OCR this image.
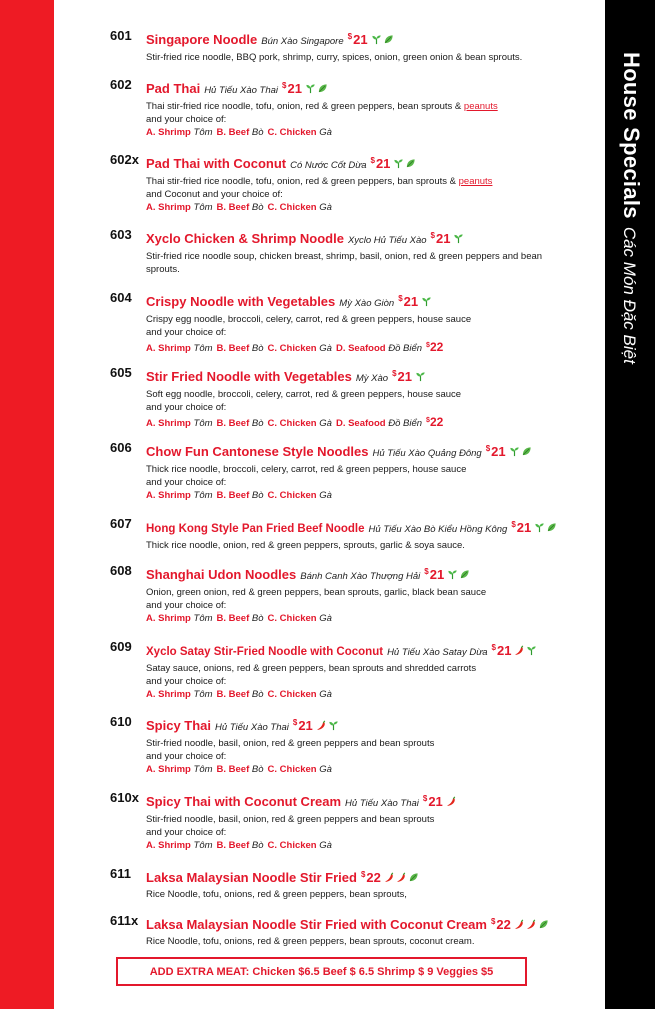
House SpecialsCác Món Đặc Biệt
601 Singapore Noodle Bún Xào Singapore $21
Stir-fried rice noodle, BBQ pork, shrimp, curry, spices, onion, green onion & bean sprouts.
602 Pad Thai Hủ Tiếu Xào Thai $21
Thai stir-fried rice noodle, tofu, onion, red & green peppers, bean sprouts & peanuts
and your choice of:
A. Shrimp Tôm B. Beef Bò C. Chicken Gà
602x Pad Thai with Coconut Có Nước Cốt Dừa $21
Thai stir-fried rice noodle, tofu, onion, red & green peppers, ban sprouts & peanuts
and Coconut and your choice of:
A. Shrimp Tôm B. Beef Bò C. Chicken Gà
603 Xyclo Chicken & Shrimp Noodle Xyclo Hủ Tiếu Xào $21
Stir-fried rice noodle soup, chicken breast, shrimp, basil, onion, red & green peppers and bean sprouts.
604 Crispy Noodle with Vegetables Mỳ Xào Giòn $21
Crispy egg noodle, broccoli, celery, carrot, red & green peppers, house sauce
and your choice of:
A. Shrimp Tôm B. Beef Bò C. Chicken Gà D. Seafood Đồ Biển $22
605 Stir Fried Noodle with Vegetables Mỳ Xào $21
Soft egg noodle, broccoli, celery, carrot, red & green peppers, house sauce
and your choice of:
A. Shrimp Tôm B. Beef Bò C. Chicken Gà D. Seafood Đồ Biển $22
606 Chow Fun Cantonese Style Noodles Hủ Tiếu Xào Quảng Đông $21
Thick rice noodle, broccoli, celery, carrot, red & green peppers, house sauce
and your choice of:
A. Shrimp Tôm B. Beef Bò C. Chicken Gà
607 Hong Kong Style Pan Fried Beef Noodle Hủ Tiếu Xào Bò Kiểu Hồng Kông $21
Thick rice noodle, onion, red & green peppers, sprouts, garlic & soya sauce.
608 Shanghai Udon Noodles Bánh Canh Xào Thượng Hải $21
Onion, green onion, red & green peppers, bean sprouts, garlic, black bean sauce
and your choice of:
A. Shrimp Tôm B. Beef Bò C. Chicken Gà
609 Xyclo Satay Stir-Fried Noodle with Coconut Hủ Tiếu Xào Satay Dừa $21
Satay sauce, onions, red & green peppers, bean sprouts and shredded carrots
and your choice of:
A. Shrimp Tôm B. Beef Bò C. Chicken Gà
610 Spicy Thai Hủ Tiếu Xào Thai $21
Stir-fried noodle, basil, onion, red & green peppers and bean sprouts
and your choice of:
A. Shrimp Tôm B. Beef Bò C. Chicken Gà
610x Spicy Thai with Coconut Cream Hủ Tiếu Xào Thai $21
Stir-fried noodle, basil, onion, red & green peppers and bean sprouts
and your choice of:
A. Shrimp Tôm B. Beef Bò C. Chicken Gà
611 Laksa Malaysian Noodle Stir Fried $22
Rice Noodle, tofu, onions, red & green peppers, bean sprouts,
611x Laksa Malaysian Noodle Stir Fried with Coconut Cream $22
Rice Noodle, tofu, onions, red & green peppers, bean sprouts, coconut cream.
ADD EXTRA MEAT: Chicken $6.5 Beef $ 6.5 Shrimp $ 9 Veggies $5
